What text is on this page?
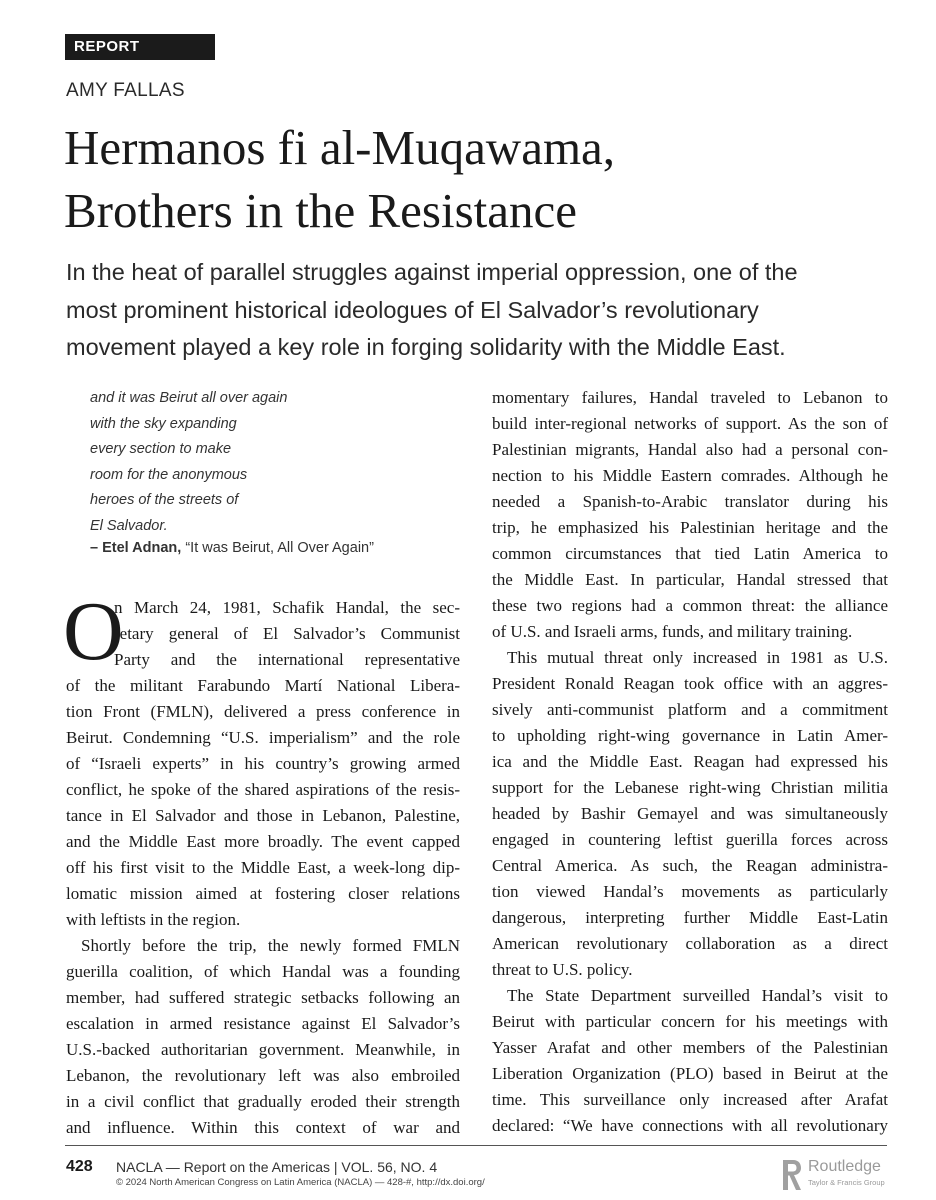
REPORT
AMY FALLAS
Hermanos fi al-Muqawama,
Brothers in the Resistance

In the heat of parallel struggles against imperial oppression, one of the
most prominent historical ideologues of El Salvador’s revolutionary
movement played a key role in forging solidarity with the Middle East.

and it was Beirut all over again
with the sky expanding
every section to make
room for the anonymous
heroes of the streets of
El Salvador.
– Etel Adnan, “It was Beirut, All Over Again”
O
n March 24, 1981, Schafik Handal, the sec-
retary general of El Salvador’s Communist
Party and the international representative
of the militant Farabundo Martí National Libera-
tion Front (FMLN), delivered a press conference in
Beirut. Condemning “U.S. imperialism” and the role
of “Israeli experts” in his country’s growing armed
conflict, he spoke of the shared aspirations of the resis-
tance in El Salvador and those in Lebanon, Palestine,
and the Middle East more broadly. The event capped
off his first visit to the Middle East, a week-long dip-
lomatic mission aimed at fostering closer relations
with leftists in the region.
Shortly before the trip, the newly formed FMLN
guerilla coalition, of which Handal was a founding
member, had suffered strategic setbacks following an
escalation in armed resistance against El Salvador’s
U.S.-backed authoritarian government. Meanwhile, in
Lebanon, the revolutionary left was also embroiled
in a civil conflict that gradually eroded their strength
and influence. Within this context of war and
momentary failures, Handal traveled to Lebanon to
build inter-regional networks of support. As the son of
Palestinian migrants, Handal also had a personal con-
nection to his Middle Eastern comrades. Although he
needed a Spanish-to-Arabic translator during his
trip, he emphasized his Palestinian heritage and the
common circumstances that tied Latin America to
the Middle East. In particular, Handal stressed that
these two regions had a common threat: the alliance
of U.S. and Israeli arms, funds, and military training.
This mutual threat only increased in 1981 as U.S.
President Ronald Reagan took office with an aggres-
sively anti-communist platform and a commitment
to upholding right-wing governance in Latin Amer-
ica and the Middle East. Reagan had expressed his
support for the Lebanese right-wing Christian militia
headed by Bashir Gemayel and was simultaneously
engaged in countering leftist guerilla forces across
Central America. As such, the Reagan administra-
tion viewed Handal’s movements as particularly
dangerous, interpreting further Middle East-Latin
American revolutionary collaboration as a direct
threat to U.S. policy.
The State Department surveilled Handal’s visit to
Beirut with particular concern for his meetings with
Yasser Arafat and other members of the Palestinian
Liberation Organization (PLO) based in Beirut at the
time. This surveillance only increased after Arafat
declared: “We have connections with all revolutionary
428 NACLA — Report on the Americas | VOL. 56, NO. 4
© 2024 North American Congress on Latin America (NACLA) — 428-#, http://dx.doi.org/
Routledge
Taylor & Francis Group
